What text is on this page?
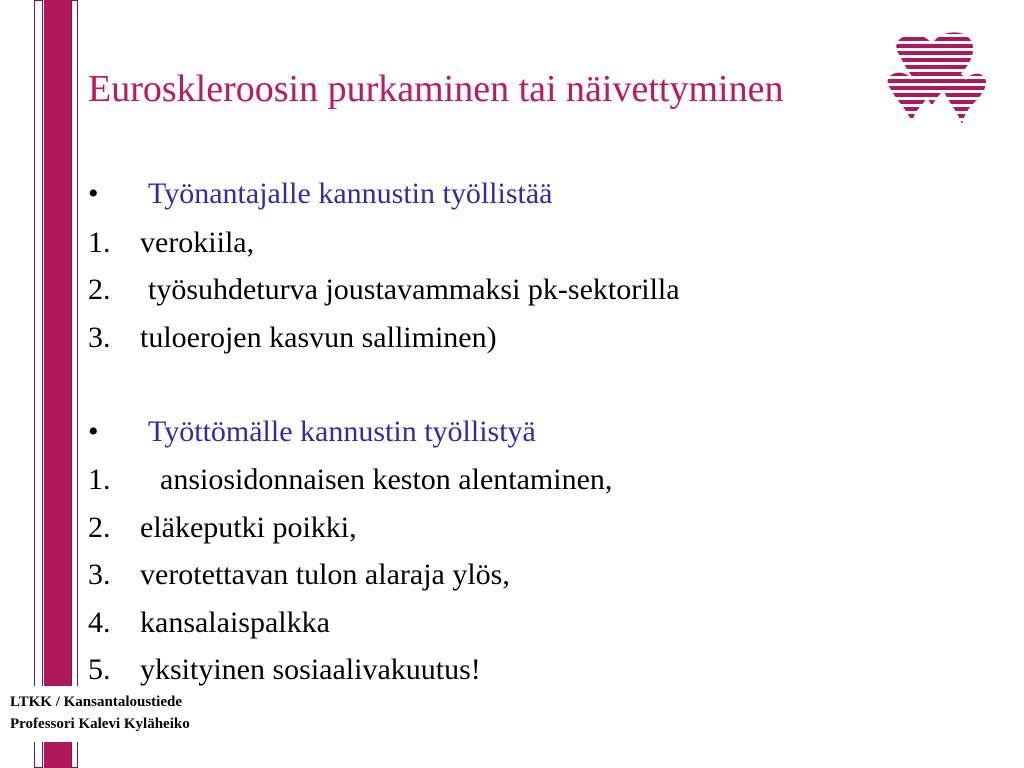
Euroskleroosin purkaminen tai näivettyminen
• Työnantajalle kannustin työllistää
1. verokiila,
2. työsuhdeturva joustavammaksi pk-sektorilla
3. tuloerojen kasvun salliminen)
• Työttömälle kannustin työllistyä
1. ansiosidonnaisen keston alentaminen,
2. eläkeputki poikki,
3. verotettavan tulon alaraja ylös,
4. kansalaispalkka
5. yksityinen sosiaalivakuutus!
LTKK / Kansantaloustiede
Professori Kalevi Kyläheiko
